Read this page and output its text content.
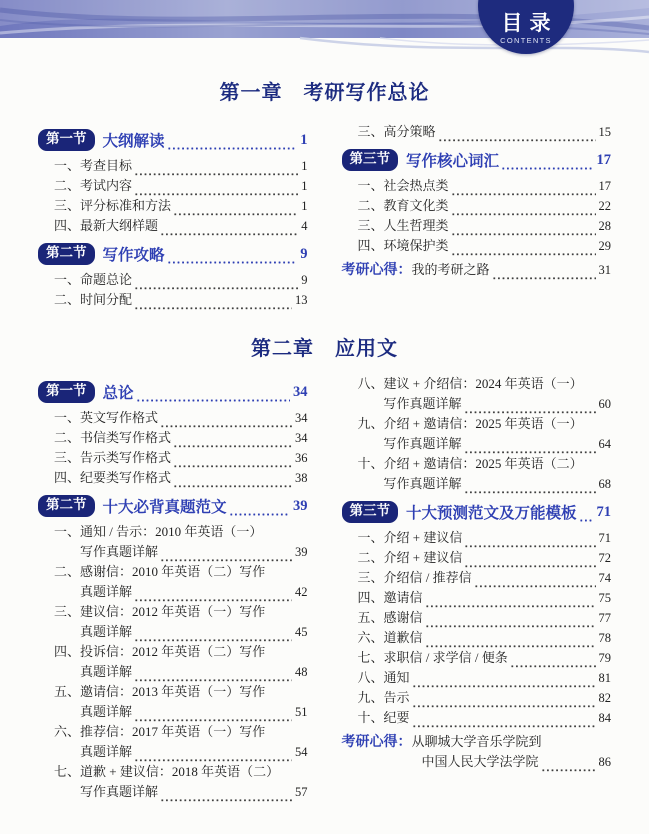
目录
CONTENTS
第一章　考研写作总论
第一节	大纲解读	1
一、考查目标	1
二、考试内容	1
三、评分标准和方法	1
四、最新大纲样题	4
第二节	写作攻略	9
一、命题总论	9
二、时间分配	13
三、高分策略	15
第三节	写作核心词汇	17
一、社会热点类	17
二、教育文化类	22
三、人生哲理类	28
四、环境保护类	29
考研心得： 我的考研之路	31
第二章　应用文
第一节	总论	34
一、英文写作格式	34
二、书信类写作格式	34
三、告示类写作格式	36
四、纪要类写作格式	38
第二节	十大必背真题范文	39
一、通知 / 告示：2010 年英语（一）
写作真题详解	39
二、感谢信：2010 年英语（二）写作
真题详解	42
三、建议信：2012 年英语（一）写作
真题详解	45
四、投诉信：2012 年英语（二）写作
真题详解	48
五、邀请信：2013 年英语（一）写作
真题详解	51
六、推荐信：2017 年英语（一）写作
真题详解	54
七、道歉 + 建议信：2018 年英语（二）
写作真题详解	57
八、建议 + 介绍信：2024 年英语（一）
写作真题详解	60
九、介绍 + 邀请信：2025 年英语（一）
写作真题详解	64
十、介绍 + 邀请信：2025 年英语（二）
写作真题详解	68
第三节	十大预测范文及万能模板 71
一、介绍 + 建议信	71
二、介绍 + 建议信	72
三、介绍信 / 推荐信	74
四、邀请信	75
五、感谢信	77
六、道歉信	78
七、求职信 / 求学信 / 便条	79
八、通知	81
九、告示	82
十、纪要	84
考研心得： 从聊城大学音乐学院到
中国人民大学法学院	86
